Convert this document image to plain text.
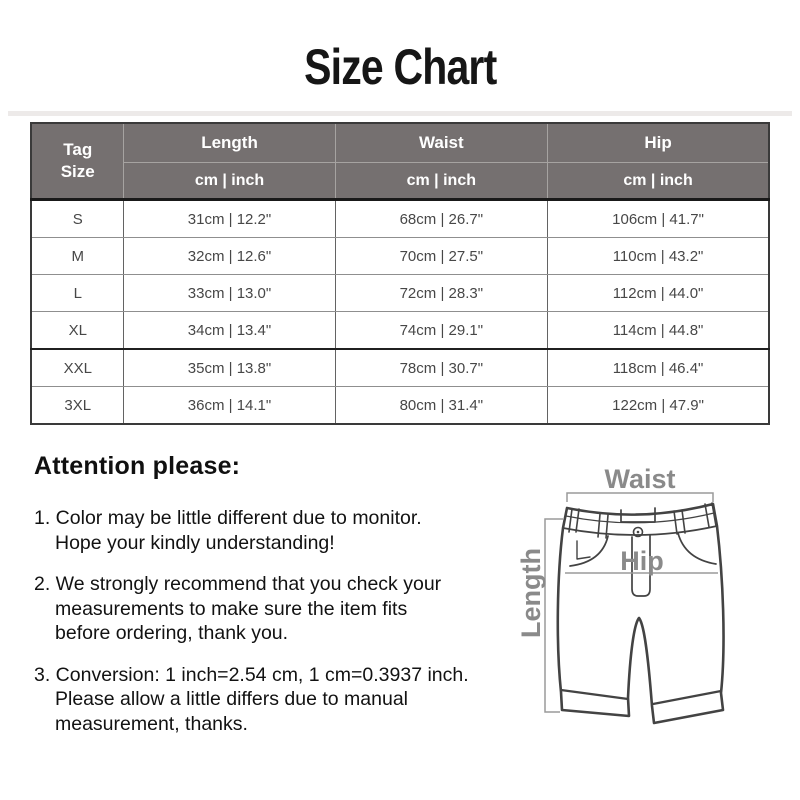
Size Chart
Tag
Size	Length	Waist	Hip
	cm | inch	cm | inch	cm | inch
S	31cm | 12.2"	68cm | 26.7"	106cm | 41.7"
M	32cm | 12.6"	70cm | 27.5"	110cm | 43.2"
L	33cm | 13.0"	72cm | 28.3"	112cm | 44.0"
XL	34cm | 13.4"	74cm | 29.1"	114cm | 44.8"
XXL	35cm | 13.8"	78cm | 30.7"	118cm | 46.4"
3XL	36cm | 14.1"	80cm | 31.4"	122cm | 47.9"
Attention please:
1. Color may be little different due to monitor.
Hope your kindly understanding!
2. We strongly recommend that you check your
measurements to make sure the item fits
before ordering, thank you.
3. Conversion: 1 inch=2.54 cm, 1 cm=0.3937 inch.
Please allow a little differs due to manual
measurement, thanks.
Waist
Hip
Length
